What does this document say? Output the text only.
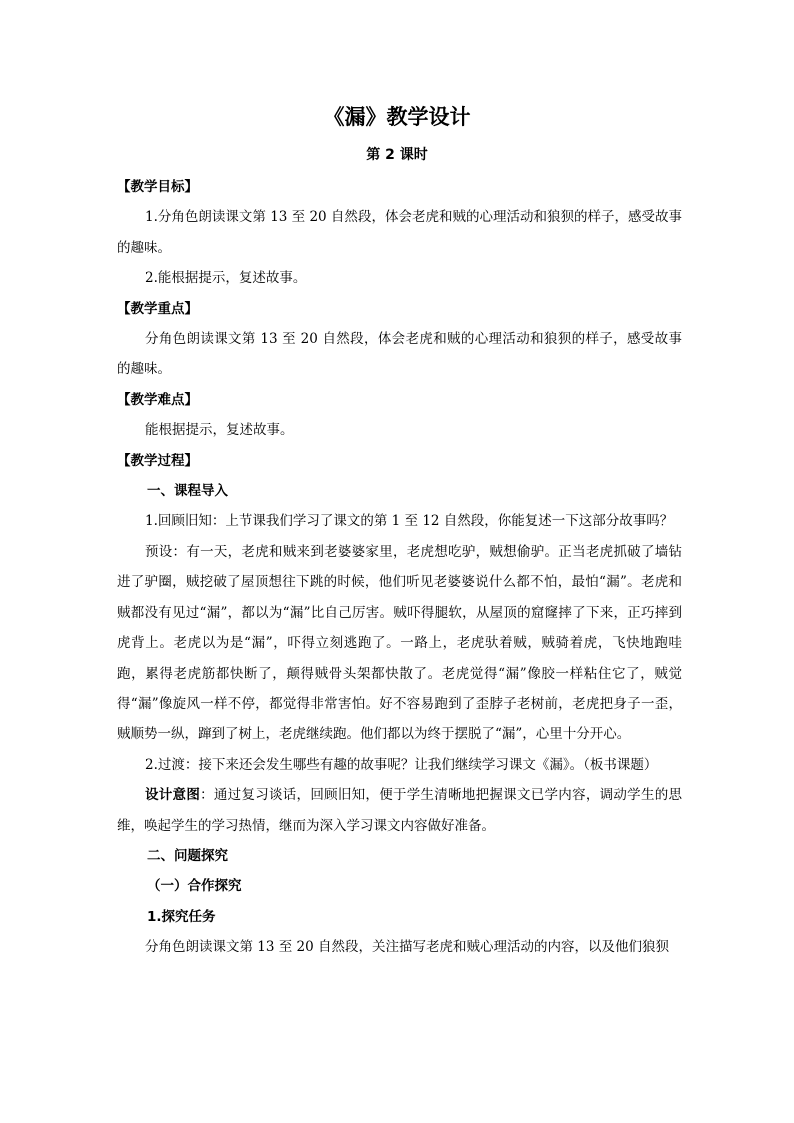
《漏》教学设计
第 2 课时

【教学目标】

1.分角色朗读课文第 13 至 20 自然段，体会老虎和贼的心理活动和狼狈的样子，感受故事的趣味。

2.能根据提示，复述故事。

【教学重点】

分角色朗读课文第 13 至 20 自然段，体会老虎和贼的心理活动和狼狈的样子，感受故事的趣味。

【教学难点】

能根据提示，复述故事。

【教学过程】

一、课程导入

1.回顾旧知：上节课我们学习了课文的第 1 至 12 自然段，你能复述一下这部分故事吗？

预设：有一天，老虎和贼来到老婆婆家里，老虎想吃驴，贼想偷驴。正当老虎抓破了墙钻进了驴圈，贼挖破了屋顶想往下跳的时候，他们听见老婆婆说什么都不怕，最怕“漏”。老虎和贼都没有见过“漏”，都以为“漏”比自己厉害。贼吓得腿软，从屋顶的窟窿摔了下来，正巧摔到虎背上。老虎以为是“漏”，吓得立刻逃跑了。一路上，老虎驮着贼，贼骑着虎，飞快地跑哇跑，累得老虎筋都快断了，颠得贼骨头架都快散了。老虎觉得“漏”像胶一样粘住它了，贼觉得“漏”像旋风一样不停，都觉得非常害怕。好不容易跑到了歪脖子老树前，老虎把身子一歪，贼顺势一纵，蹿到了树上，老虎继续跑。他们都以为终于摆脱了“漏”，心里十分开心。

2.过渡：接下来还会发生哪些有趣的故事呢？让我们继续学习课文《漏》。（板书课题）

设计意图：通过复习谈话，回顾旧知，便于学生清晰地把握课文已学内容，调动学生的思维，唤起学生的学习热情，继而为深入学习课文内容做好准备。

二、问题探究

（一）合作探究

1.探究任务

分角色朗读课文第 13 至 20 自然段，关注描写老虎和贼心理活动的内容，以及他们狼狈
